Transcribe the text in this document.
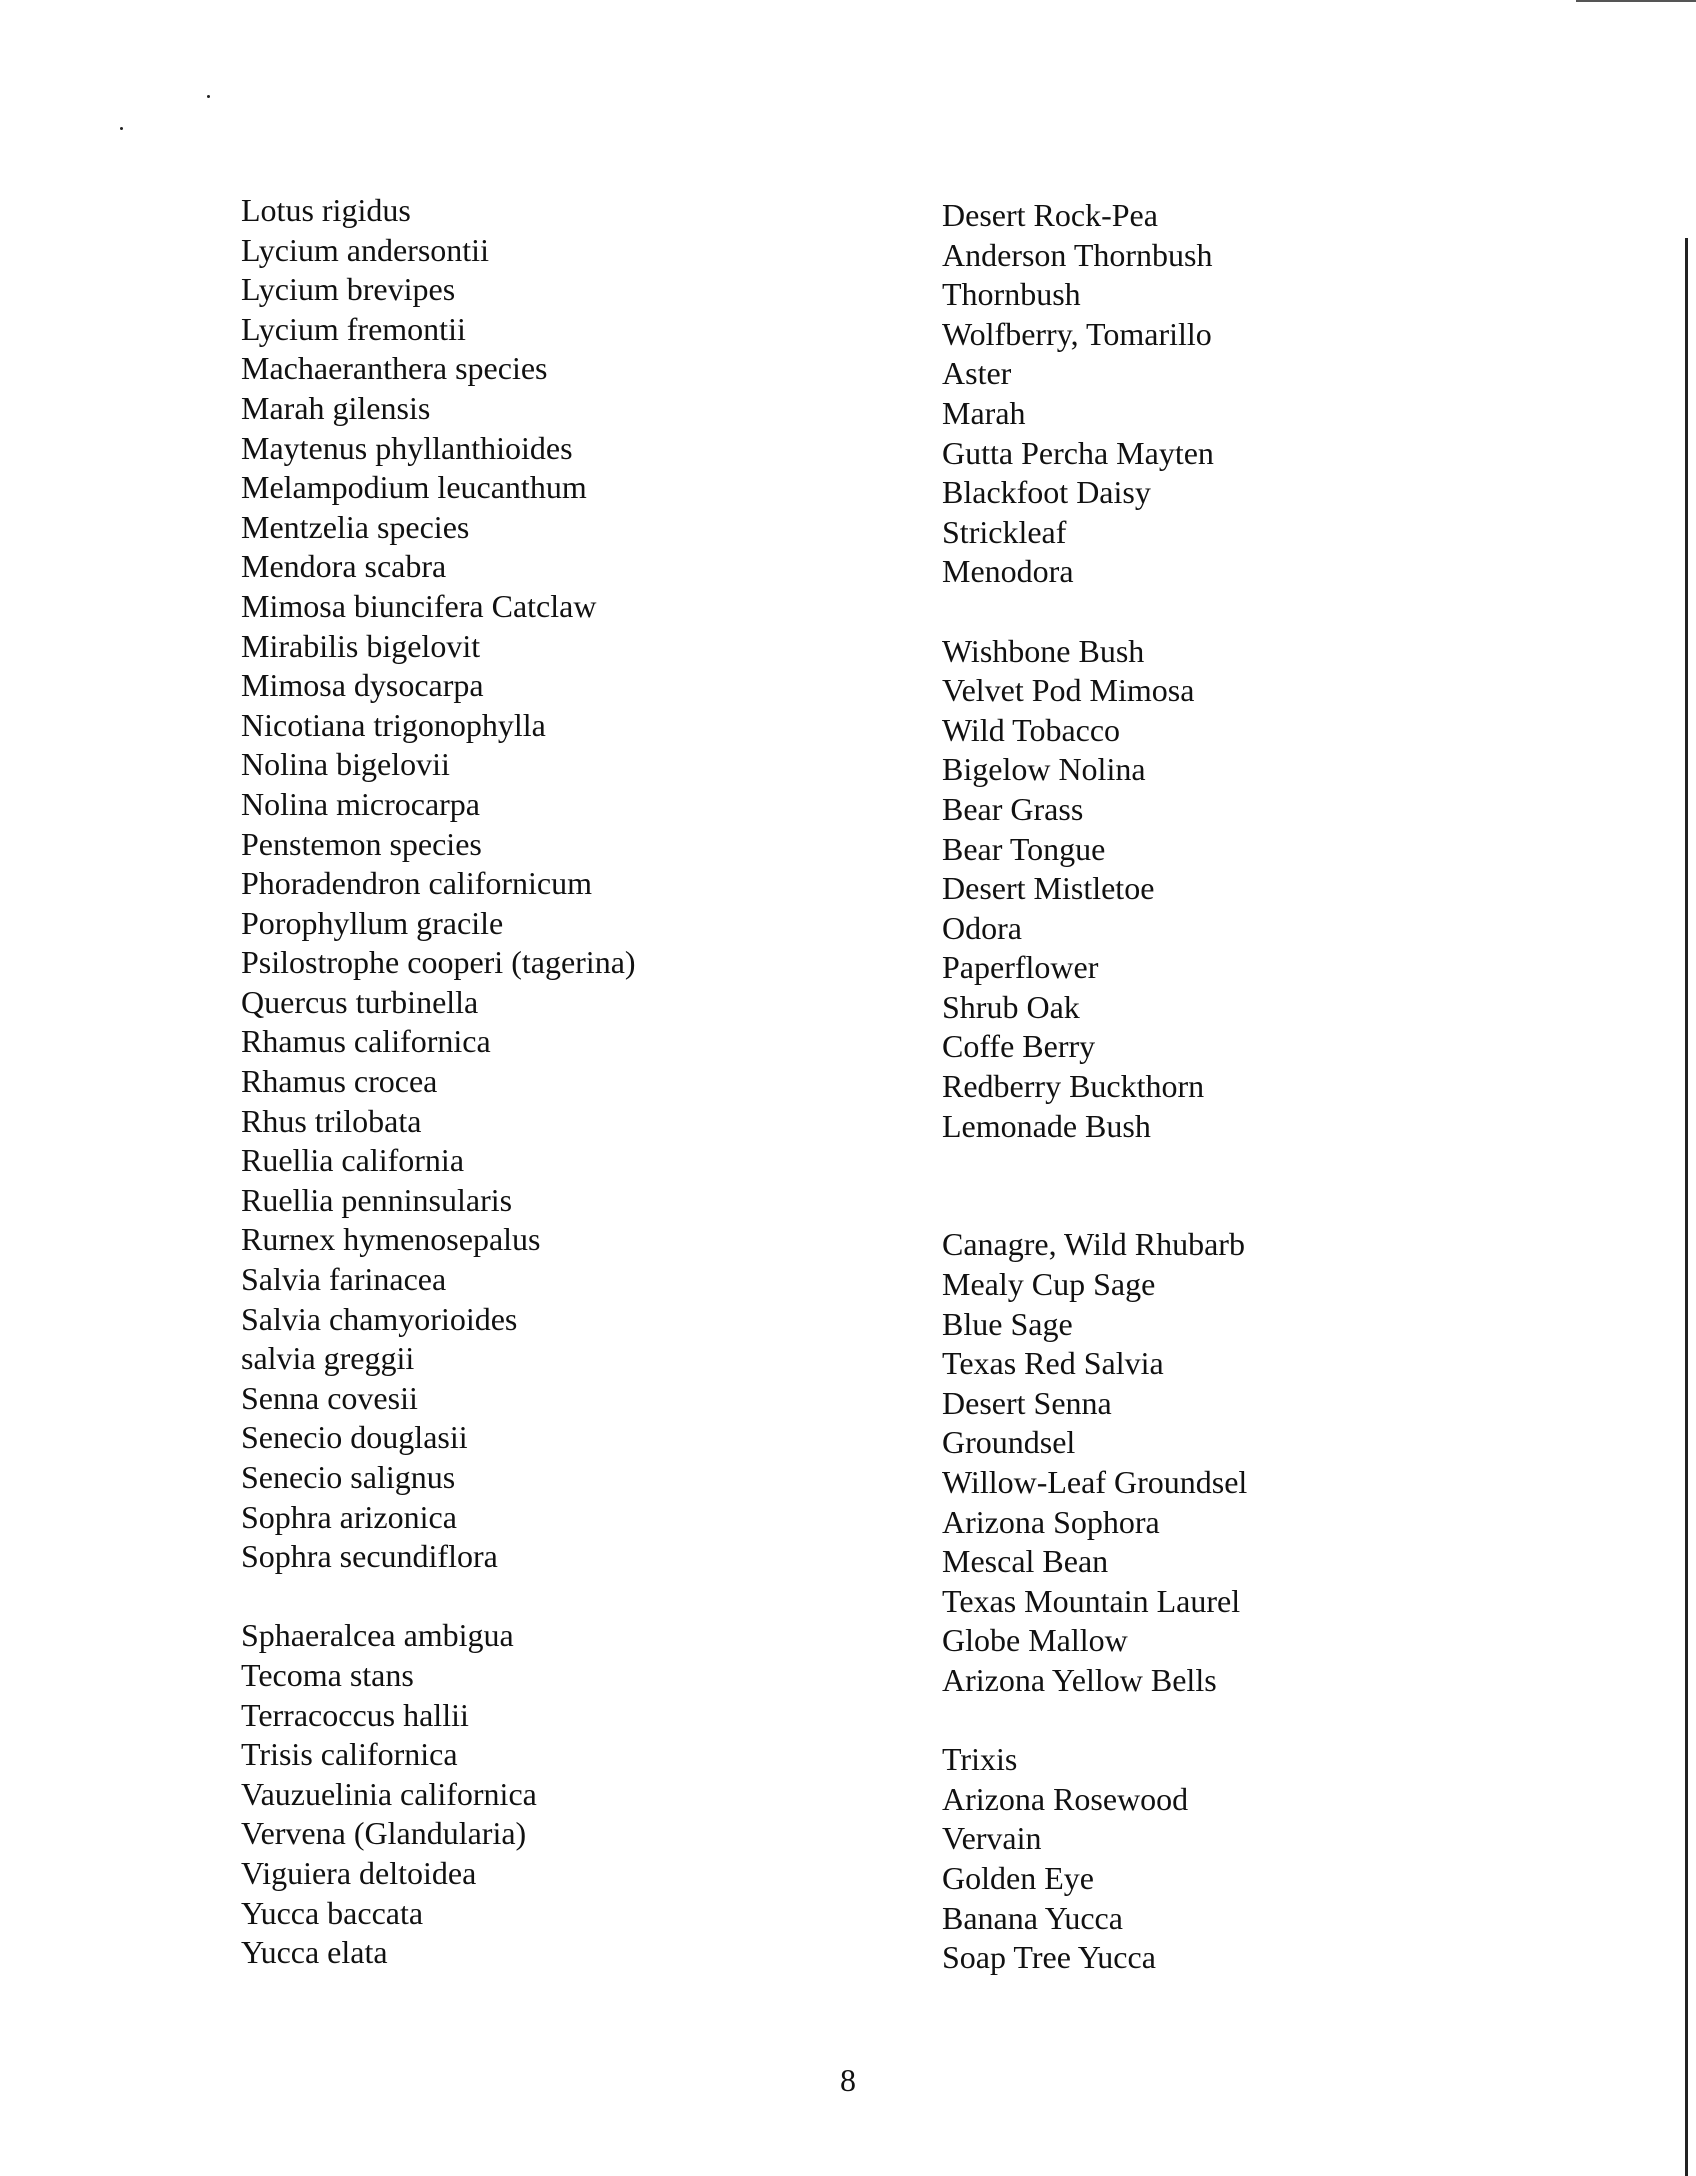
Lotus rigidus
Lycium andersontii
Lycium brevipes
Lycium fremontii
Machaeranthera species
Marah gilensis
Maytenus phyllanthioides
Melampodium leucanthum
Mentzelia species
Mendora scabra
Mimosa biuncifera Catclaw
Mirabilis bigelovit
Mimosa dysocarpa
Nicotiana trigonophylla
Nolina bigelovii
Nolina microcarpa
Penstemon species
Phoradendron californicum
Porophyllum gracile
Psilostrophe cooperi (tagerina)
Quercus turbinella
Rhamus californica
Rhamus crocea
Rhus trilobata
Ruellia california
Ruellia penninsularis
Rurnex hymenosepalus
Salvia farinacea
Salvia chamyorioides
salvia greggii
Senna covesii
Senecio douglasii
Senecio salignus
Sophra arizonica
Sophra secundiflora
Sphaeralcea ambigua
Tecoma stans
Terracoccus hallii
Trisis californica
Vauzuelinia californica
Vervena (Glandularia)
Viguiera deltoidea
Yucca baccata
Yucca elata
Desert Rock-Pea
Anderson Thornbush
Thornbush
Wolfberry, Tomarillo
Aster
Marah
Gutta Percha Mayten
Blackfoot Daisy
Strickleaf
Menodora
Wishbone Bush
Velvet Pod Mimosa
Wild Tobacco
Bigelow Nolina
Bear Grass
Bear Tongue
Desert Mistletoe
Odora
Paperflower
Shrub Oak
Coffe Berry
Redberry Buckthorn
Lemonade Bush
Canagre, Wild Rhubarb
Mealy Cup Sage
Blue Sage
Texas Red Salvia
Desert Senna
Groundsel
Willow-Leaf Groundsel
Arizona Sophora
Mescal Bean
Texas Mountain Laurel
Globe Mallow
Arizona Yellow Bells
Trixis
Arizona Rosewood
Vervain
Golden Eye
Banana Yucca
Soap Tree Yucca
8
